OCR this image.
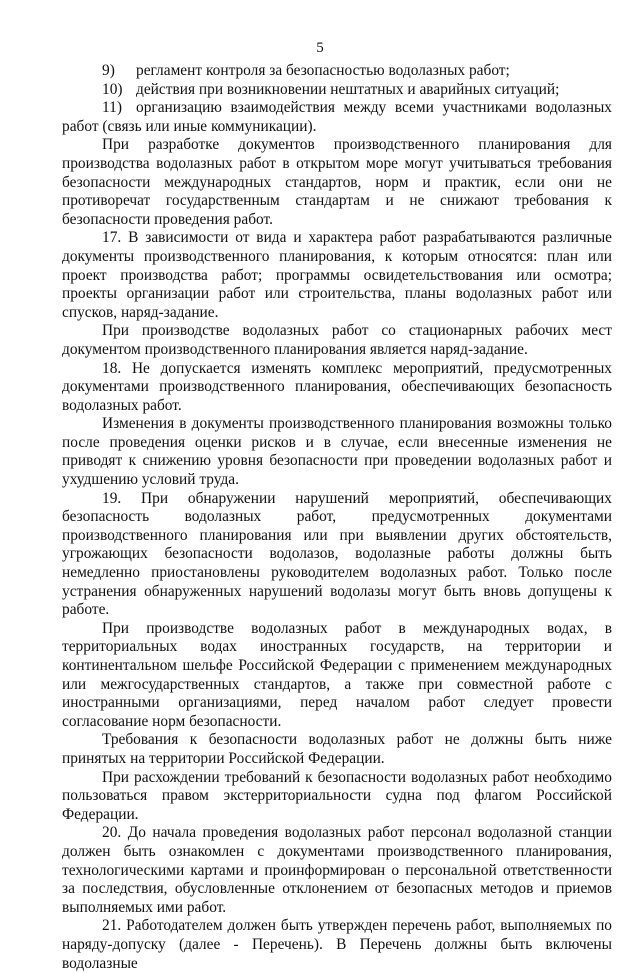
5

9) регламент контроля за безопасностью водолазных работ;

10) действия при возникновении нештатных и аварийных ситуаций;

11) организацию взаимодействия между всеми участниками водолазных работ (связь или иные коммуникации).

При разработке документов производственного планирования для производства водолазных работ в открытом море могут учитываться требования безопасности международных стандартов, норм и практик, если они не противоречат государственным стандартам и не снижают требования к безопасности проведения работ.

17. В зависимости от вида и характера работ разрабатываются различные документы производственного планирования, к которым относятся: план или проект производства работ; программы освидетельствования или осмотра; проекты организации работ или строительства, планы водолазных работ или спусков, наряд-задание.

При производстве водолазных работ со стационарных рабочих мест документом производственного планирования является наряд-задание.

18. Не допускается изменять комплекс мероприятий, предусмотренных документами производственного планирования, обеспечивающих безопасность водолазных работ.

Изменения в документы производственного планирования возможны только после проведения оценки рисков и в случае, если внесенные изменения не приводят к снижению уровня безопасности при проведении водолазных работ и ухудшению условий труда.

19. При обнаружении нарушений мероприятий, обеспечивающих безопасность водолазных работ, предусмотренных документами производственного планирования или при выявлении других обстоятельств, угрожающих безопасности водолазов, водолазные работы должны быть немедленно приостановлены руководителем водолазных работ. Только после устранения обнаруженных нарушений водолазы могут быть вновь допущены к работе.

При производстве водолазных работ в международных водах, в территориальных водах иностранных государств, на территории и континентальном шельфе Российской Федерации с применением международных или межгосударственных стандартов, а также при совместной работе с иностранными организациями, перед началом работ следует провести согласование норм безопасности.

Требования к безопасности водолазных работ не должны быть ниже принятых на территории Российской Федерации.

При расхождении требований к безопасности водолазных работ необходимо пользоваться правом экстерриториальности судна под флагом Российской Федерации.

20. До начала проведения водолазных работ персонал водолазной станции должен быть ознакомлен с документами производственного планирования, технологическими картами и проинформирован о персональной ответственности за последствия, обусловленные отклонением от безопасных методов и приемов выполняемых ими работ.

21. Работодателем должен быть утвержден перечень работ, выполняемых по наряду-допуску (далее - Перечень). В Перечень должны быть включены водолазные
